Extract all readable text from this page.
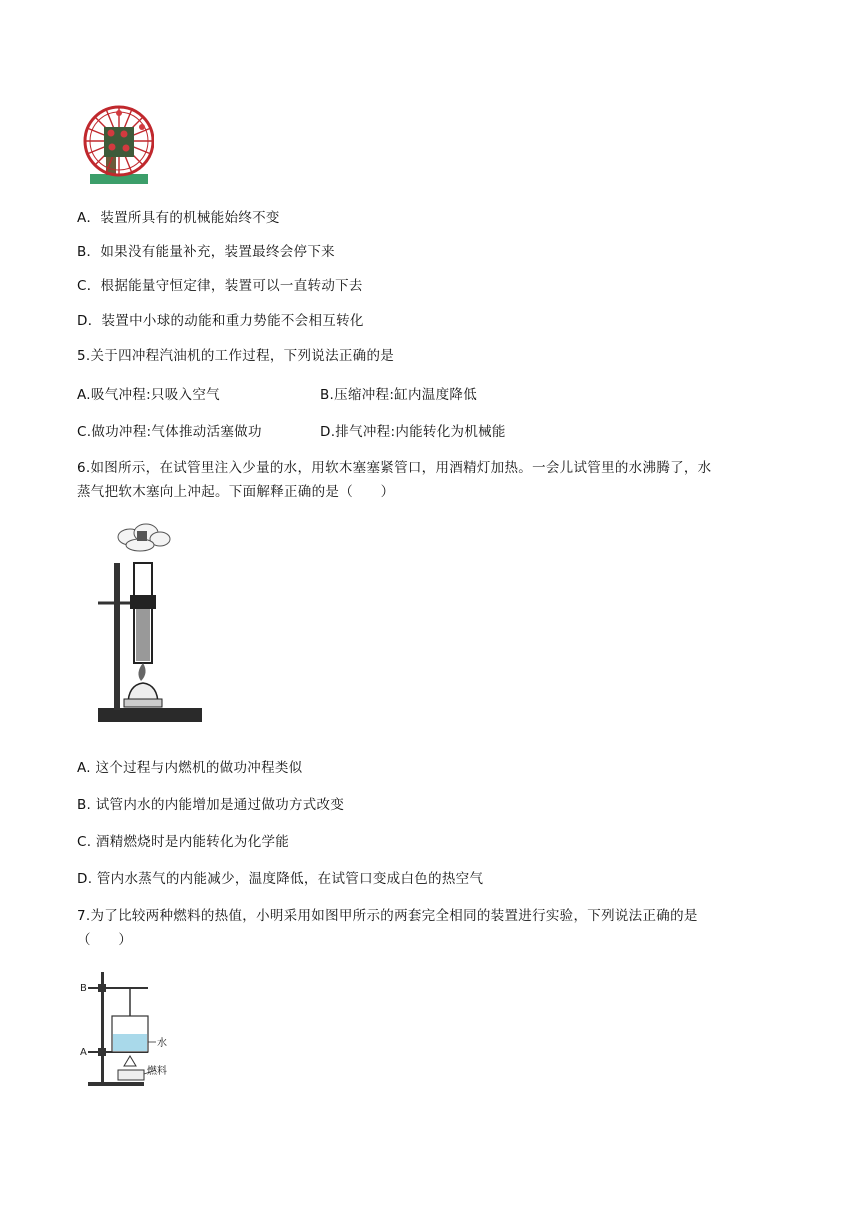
A．装置所具有的机械能始终不变
B．如果没有能量补充，装置最终会停下来
C．根据能量守恒定律，装置可以一直转动下去
D．装置中小球的动能和重力势能不会相互转化
5.关于四冲程汽油机的工作过程，下列说法正确的是
A.吸气冲程:只吸入空气	B.压缩冲程:缸内温度降低
C.做功冲程:气体推动活塞做功	D.排气冲程:内能转化为机械能
6.如图所示，在试管里注入少量的水，用软木塞塞紧管口，用酒精灯加热。一会儿试管里的水沸腾了，水
蒸气把软木塞向上冲起。下面解释正确的是（　　）
A. 这个过程与内燃机的做功冲程类似
B. 试管内水的内能增加是通过做功方式改变
C. 酒精燃烧时是内能转化为化学能
D. 管内水蒸气的内能减少，温度降低，在试管口变成白色的热空气
7.为了比较两种燃料的热值，小明采用如图甲所示的两套完全相同的装置进行实验，下列说法正确的是
（　　）
B
A
水
燃料
